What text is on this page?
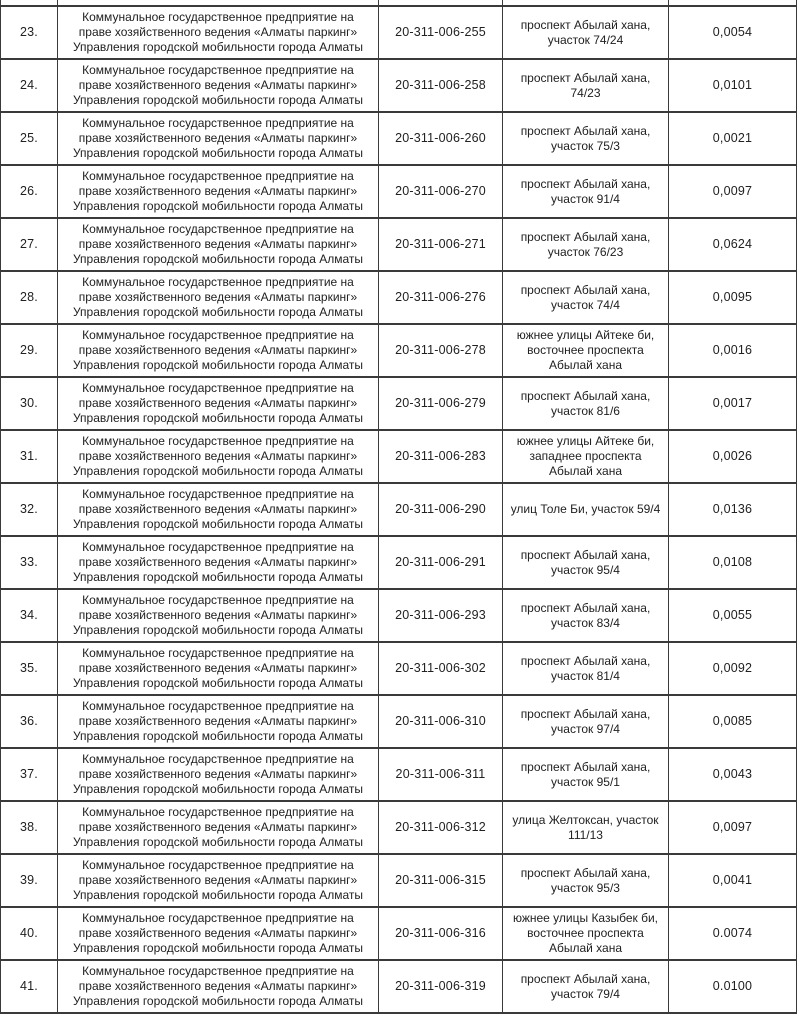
23.	Коммунальное государственное предприятие на праве хозяйственного ведения «Алматы паркинг» Управления городской мобильности города Алматы	20-311-006-255	проспект Абылай хана, участок 74/24	0,0054
24.	Коммунальное государственное предприятие на праве хозяйственного ведения «Алматы паркинг» Управления городской мобильности города Алматы	20-311-006-258	проспект Абылай хана, 74/23	0,0101
25.	Коммунальное государственное предприятие на праве хозяйственного ведения «Алматы паркинг» Управления городской мобильности города Алматы	20-311-006-260	проспект Абылай хана, участок 75/3	0,0021
26.	Коммунальное государственное предприятие на праве хозяйственного ведения «Алматы паркинг» Управления городской мобильности города Алматы	20-311-006-270	проспект Абылай хана, участок 91/4	0,0097
27.	Коммунальное государственное предприятие на праве хозяйственного ведения «Алматы паркинг» Управления городской мобильности города Алматы	20-311-006-271	проспект Абылай хана, участок 76/23	0,0624
28.	Коммунальное государственное предприятие на праве хозяйственного ведения «Алматы паркинг» Управления городской мобильности города Алматы	20-311-006-276	проспект Абылай хана, участок 74/4	0,0095
29.	Коммунальное государственное предприятие на праве хозяйственного ведения «Алматы паркинг» Управления городской мобильности города Алматы	20-311-006-278	южнее улицы Айтеке би, восточнее проспекта Абылай хана	0,0016
30.	Коммунальное государственное предприятие на праве хозяйственного ведения «Алматы паркинг» Управления городской мобильности города Алматы	20-311-006-279	проспект Абылай хана, участок 81/6	0,0017
31.	Коммунальное государственное предприятие на праве хозяйственного ведения «Алматы паркинг» Управления городской мобильности города Алматы	20-311-006-283	южнее улицы Айтеке би, западнее проспекта Абылай хана	0,0026
32.	Коммунальное государственное предприятие на праве хозяйственного ведения «Алматы паркинг» Управления городской мобильности города Алматы	20-311-006-290	улиц Толе Би, участок 59/4	0,0136
33.	Коммунальное государственное предприятие на праве хозяйственного ведения «Алматы паркинг» Управления городской мобильности города Алматы	20-311-006-291	проспект Абылай хана, участок 95/4	0,0108
34.	Коммунальное государственное предприятие на праве хозяйственного ведения «Алматы паркинг» Управления городской мобильности города Алматы	20-311-006-293	проспект Абылай хана, участок 83/4	0,0055
35.	Коммунальное государственное предприятие на праве хозяйственного ведения «Алматы паркинг» Управления городской мобильности города Алматы	20-311-006-302	проспект Абылай хана, участок 81/4	0,0092
36.	Коммунальное государственное предприятие на праве хозяйственного ведения «Алматы паркинг» Управления городской мобильности города Алматы	20-311-006-310	проспект Абылай хана, участок 97/4	0,0085
37.	Коммунальное государственное предприятие на праве хозяйственного ведения «Алматы паркинг» Управления городской мобильности города Алматы	20-311-006-311	проспект Абылай хана, участок 95/1	0,0043
38.	Коммунальное государственное предприятие на праве хозяйственного ведения «Алматы паркинг» Управления городской мобильности города Алматы	20-311-006-312	улица Желтоксан, участок 111/13	0,0097
39.	Коммунальное государственное предприятие на праве хозяйственного ведения «Алматы паркинг» Управления городской мобильности города Алматы	20-311-006-315	проспект Абылай хана, участок 95/3	0,0041
40.	Коммунальное государственное предприятие на праве хозяйственного ведения «Алматы паркинг» Управления городской мобильности города Алматы	20-311-006-316	южнее улицы Казыбек би, восточнее проспекта Абылай хана	0.0074
41.	Коммунальное государственное предприятие на праве хозяйственного ведения «Алматы паркинг» Управления городской мобильности города Алматы	20-311-006-319	проспект Абылай хана, участок 79/4	0.0100
